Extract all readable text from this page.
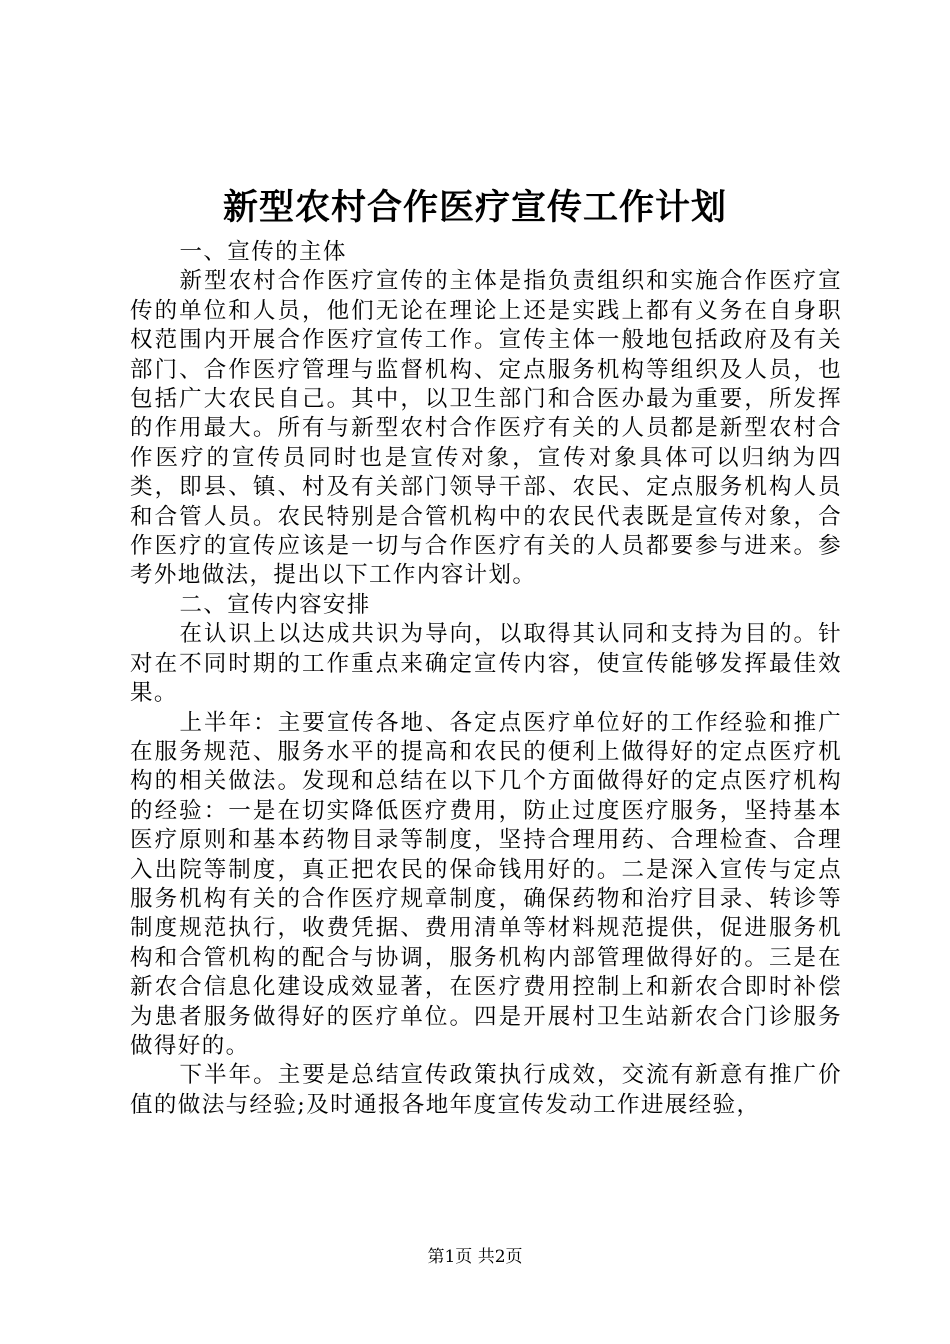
新型农村合作医疗宣传工作计划

一、宣传的主体

新型农村合作医疗宣传的主体是指负责组织和实施合作医疗宣传的单位和人员，他们无论在理论上还是实践上都有义务在自身职权范围内开展合作医疗宣传工作。宣传主体一般地包括政府及有关部门、合作医疗管理与监督机构、定点服务机构等组织及人员，也包括广大农民自己。其中，以卫生部门和合医办最为重要，所发挥的作用最大。所有与新型农村合作医疗有关的人员都是新型农村合作医疗的宣传员同时也是宣传对象，宣传对象具体可以归纳为四类，即县、镇、村及有关部门领导干部、农民、定点服务机构人员和合管人员。农民特别是合管机构中的农民代表既是宣传对象，合作医疗的宣传应该是一切与合作医疗有关的人员都要参与进来。参考外地做法，提出以下工作内容计划。

二、宣传内容安排

在认识上以达成共识为导向，以取得其认同和支持为目的。针对在不同时期的工作重点来确定宣传内容，使宣传能够发挥最佳效果。

上半年：主要宣传各地、各定点医疗单位好的工作经验和推广在服务规范、服务水平的提高和农民的便利上做得好的定点医疗机构的相关做法。发现和总结在以下几个方面做得好的定点医疗机构的经验：一是在切实降低医疗费用，防止过度医疗服务，坚持基本医疗原则和基本药物目录等制度，坚持合理用药、合理检查、合理入出院等制度，真正把农民的保命钱用好的。二是深入宣传与定点服务机构有关的合作医疗规章制度，确保药物和治疗目录、转诊等制度规范执行，收费凭据、费用清单等材料规范提供，促进服务机构和合管机构的配合与协调，服务机构内部管理做得好的。三是在新农合信息化建设成效显著，在医疗费用控制上和新农合即时补偿为患者服务做得好的医疗单位。四是开展村卫生站新农合门诊服务做得好的。

下半年。主要是总结宣传政策执行成效，交流有新意有推广价值的做法与经验;及时通报各地年度宣传发动工作进展经验，

第1页 共2页
